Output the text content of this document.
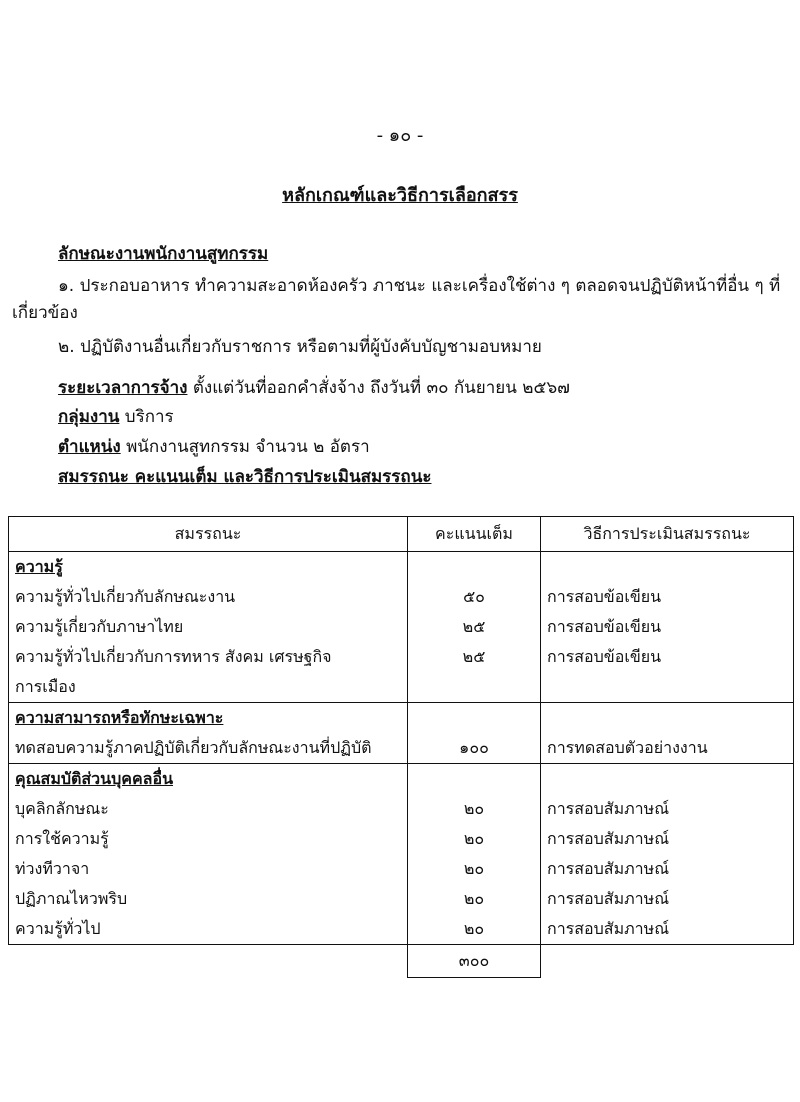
- ๑๐ -
หลักเกณฑ์และวิธีการเลือกสรร
ลักษณะงานพนักงานสูทกรรม
๑. ประกอบอาหาร ทำความสะอาดห้องครัว ภาชนะ และเครื่องใช้ต่าง ๆ ตลอดจนปฏิบัติหน้าที่อื่น ๆ ที่
เกี่ยวข้อง
๒. ปฏิบัติงานอื่นเกี่ยวกับราชการ หรือตามที่ผู้บังคับบัญชามอบหมาย
ระยะเวลาการจ้าง ตั้งแต่วันที่ออกคำสั่งจ้าง ถึงวันที่ ๓๐ กันยายน ๒๕๖๗
กลุ่มงาน บริการ
ตำแหน่ง พนักงานสูทกรรม จำนวน ๒ อัตรา
สมรรถนะ คะแนนเต็ม และวิธีการประเมินสมรรถนะ
สมรรถนะ	คะแนนเต็ม	วิธีการประเมินสมรรถนะ
ความรู้		
ความรู้ทั่วไปเกี่ยวกับลักษณะงาน	๕๐	การสอบข้อเขียน
ความรู้เกี่ยวกับภาษาไทย	๒๕	การสอบข้อเขียน
ความรู้ทั่วไปเกี่ยวกับการทหาร สังคม เศรษฐกิจ	๒๕	การสอบข้อเขียน
การเมือง		
ความสามารถหรือทักษะเฉพาะ		
ทดสอบความรู้ภาคปฏิบัติเกี่ยวกับลักษณะงานที่ปฏิบัติ	๑๐๐	การทดสอบตัวอย่างงาน
คุณสมบัติส่วนบุคคลอื่น		
บุคลิกลักษณะ	๒๐	การสอบสัมภาษณ์
การใช้ความรู้	๒๐	การสอบสัมภาษณ์
ท่วงทีวาจา	๒๐	การสอบสัมภาษณ์
ปฏิภาณไหวพริบ	๒๐	การสอบสัมภาษณ์
ความรู้ทั่วไป	๒๐	การสอบสัมภาษณ์
	๓๐๐	
